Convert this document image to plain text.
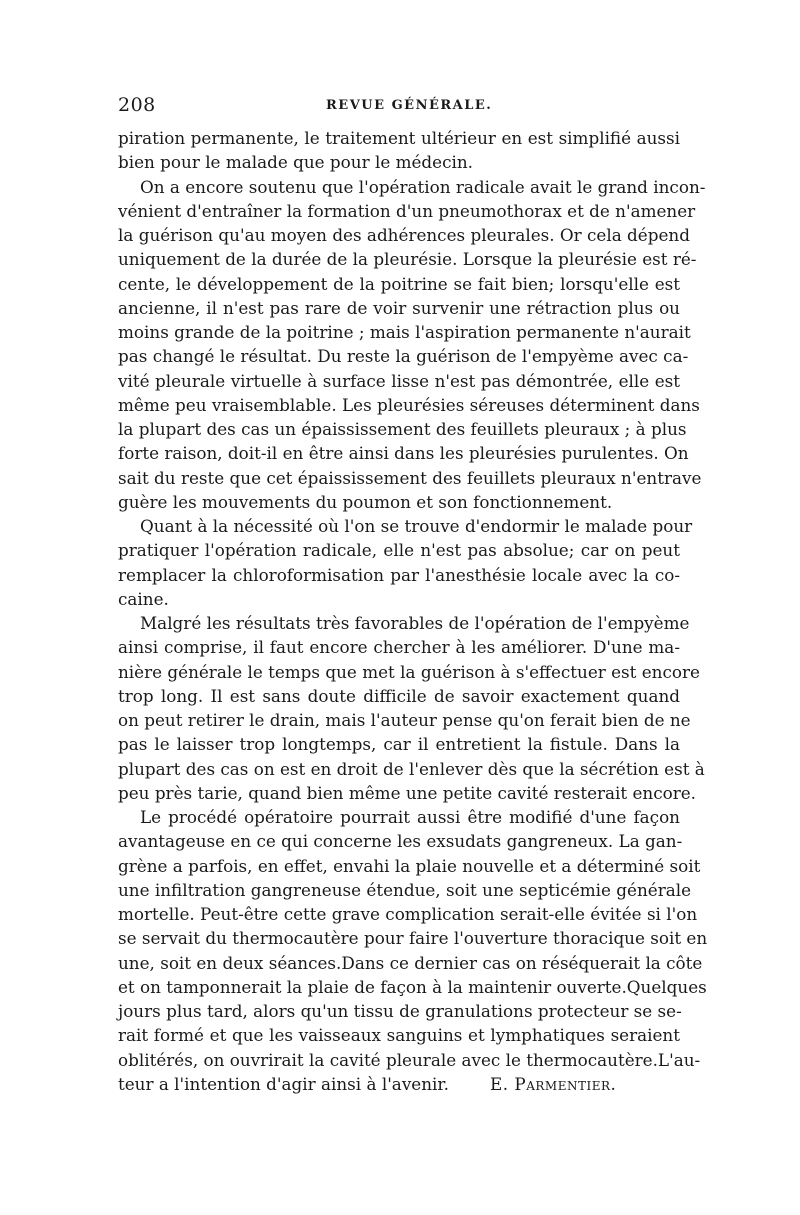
208	REVUE GÉNÉRALE.
piration permanente, le traitement ultérieur en est simplifié aussi
bien pour le malade que pour le médecin.
On a encore soutenu que l'opération radicale avait le grand incon-
vénient d'entraîner la formation d'un pneumothorax et de n'amener
la guérison qu'au moyen des adhérences pleurales. Or cela dépend
uniquement de la durée de la pleurésie. Lorsque la pleurésie est ré-
cente, le développement de la poitrine se fait bien; lorsqu'elle est
ancienne, il n'est pas rare de voir survenir une rétraction plus ou
moins grande de la poitrine ; mais l'aspiration permanente n'aurait
pas changé le résultat. Du reste la guérison de l'empyème avec ca-
vité pleurale virtuelle à surface lisse n'est pas démontrée, elle est
même peu vraisemblable. Les pleurésies séreuses déterminent dans
la plupart des cas un épaississement des feuillets pleuraux ; à plus
forte raison, doit-il en être ainsi dans les pleurésies purulentes. On
sait du reste que cet épaississement des feuillets pleuraux n'entrave
guère les mouvements du poumon et son fonctionnement.
Quant à la nécessité où l'on se trouve d'endormir le malade pour
pratiquer l'opération radicale, elle n'est pas absolue; car on peut
remplacer la chloroformisation par l'anesthésie locale avec la co-
caine.
Malgré les résultats très favorables de l'opération de l'empyème
ainsi comprise, il faut encore chercher à les améliorer. D'une ma-
nière générale le temps que met la guérison à s'effectuer est encore
trop long. Il est sans doute difficile de savoir exactement quand
on peut retirer le drain, mais l'auteur pense qu'on ferait bien de ne
pas le laisser trop longtemps, car il entretient la fistule. Dans la
plupart des cas on est en droit de l'enlever dès que la sécrétion est à
peu près tarie, quand bien même une petite cavité resterait encore.
Le procédé opératoire pourrait aussi être modifié d'une façon
avantageuse en ce qui concerne les exsudats gangreneux. La gan-
grène a parfois, en effet, envahi la plaie nouvelle et a déterminé soit
une infiltration gangreneuse étendue, soit une septicémie générale
mortelle. Peut-être cette grave complication serait-elle évitée si l'on
se servait du thermocautère pour faire l'ouverture thoracique soit en
une, soit en deux séances.Dans ce dernier cas on réséquerait la côte
et on tamponnerait la plaie de façon à la maintenir ouverte.Quelques
jours plus tard, alors qu'un tissu de granulations protecteur se se-
rait formé et que les vaisseaux sanguins et lymphatiques seraient
oblitérés, on ouvrirait la cavité pleurale avec le thermocautère.L'au-
teur a l'intention d'agir ainsi à l'avenir. E. Parmentier.
